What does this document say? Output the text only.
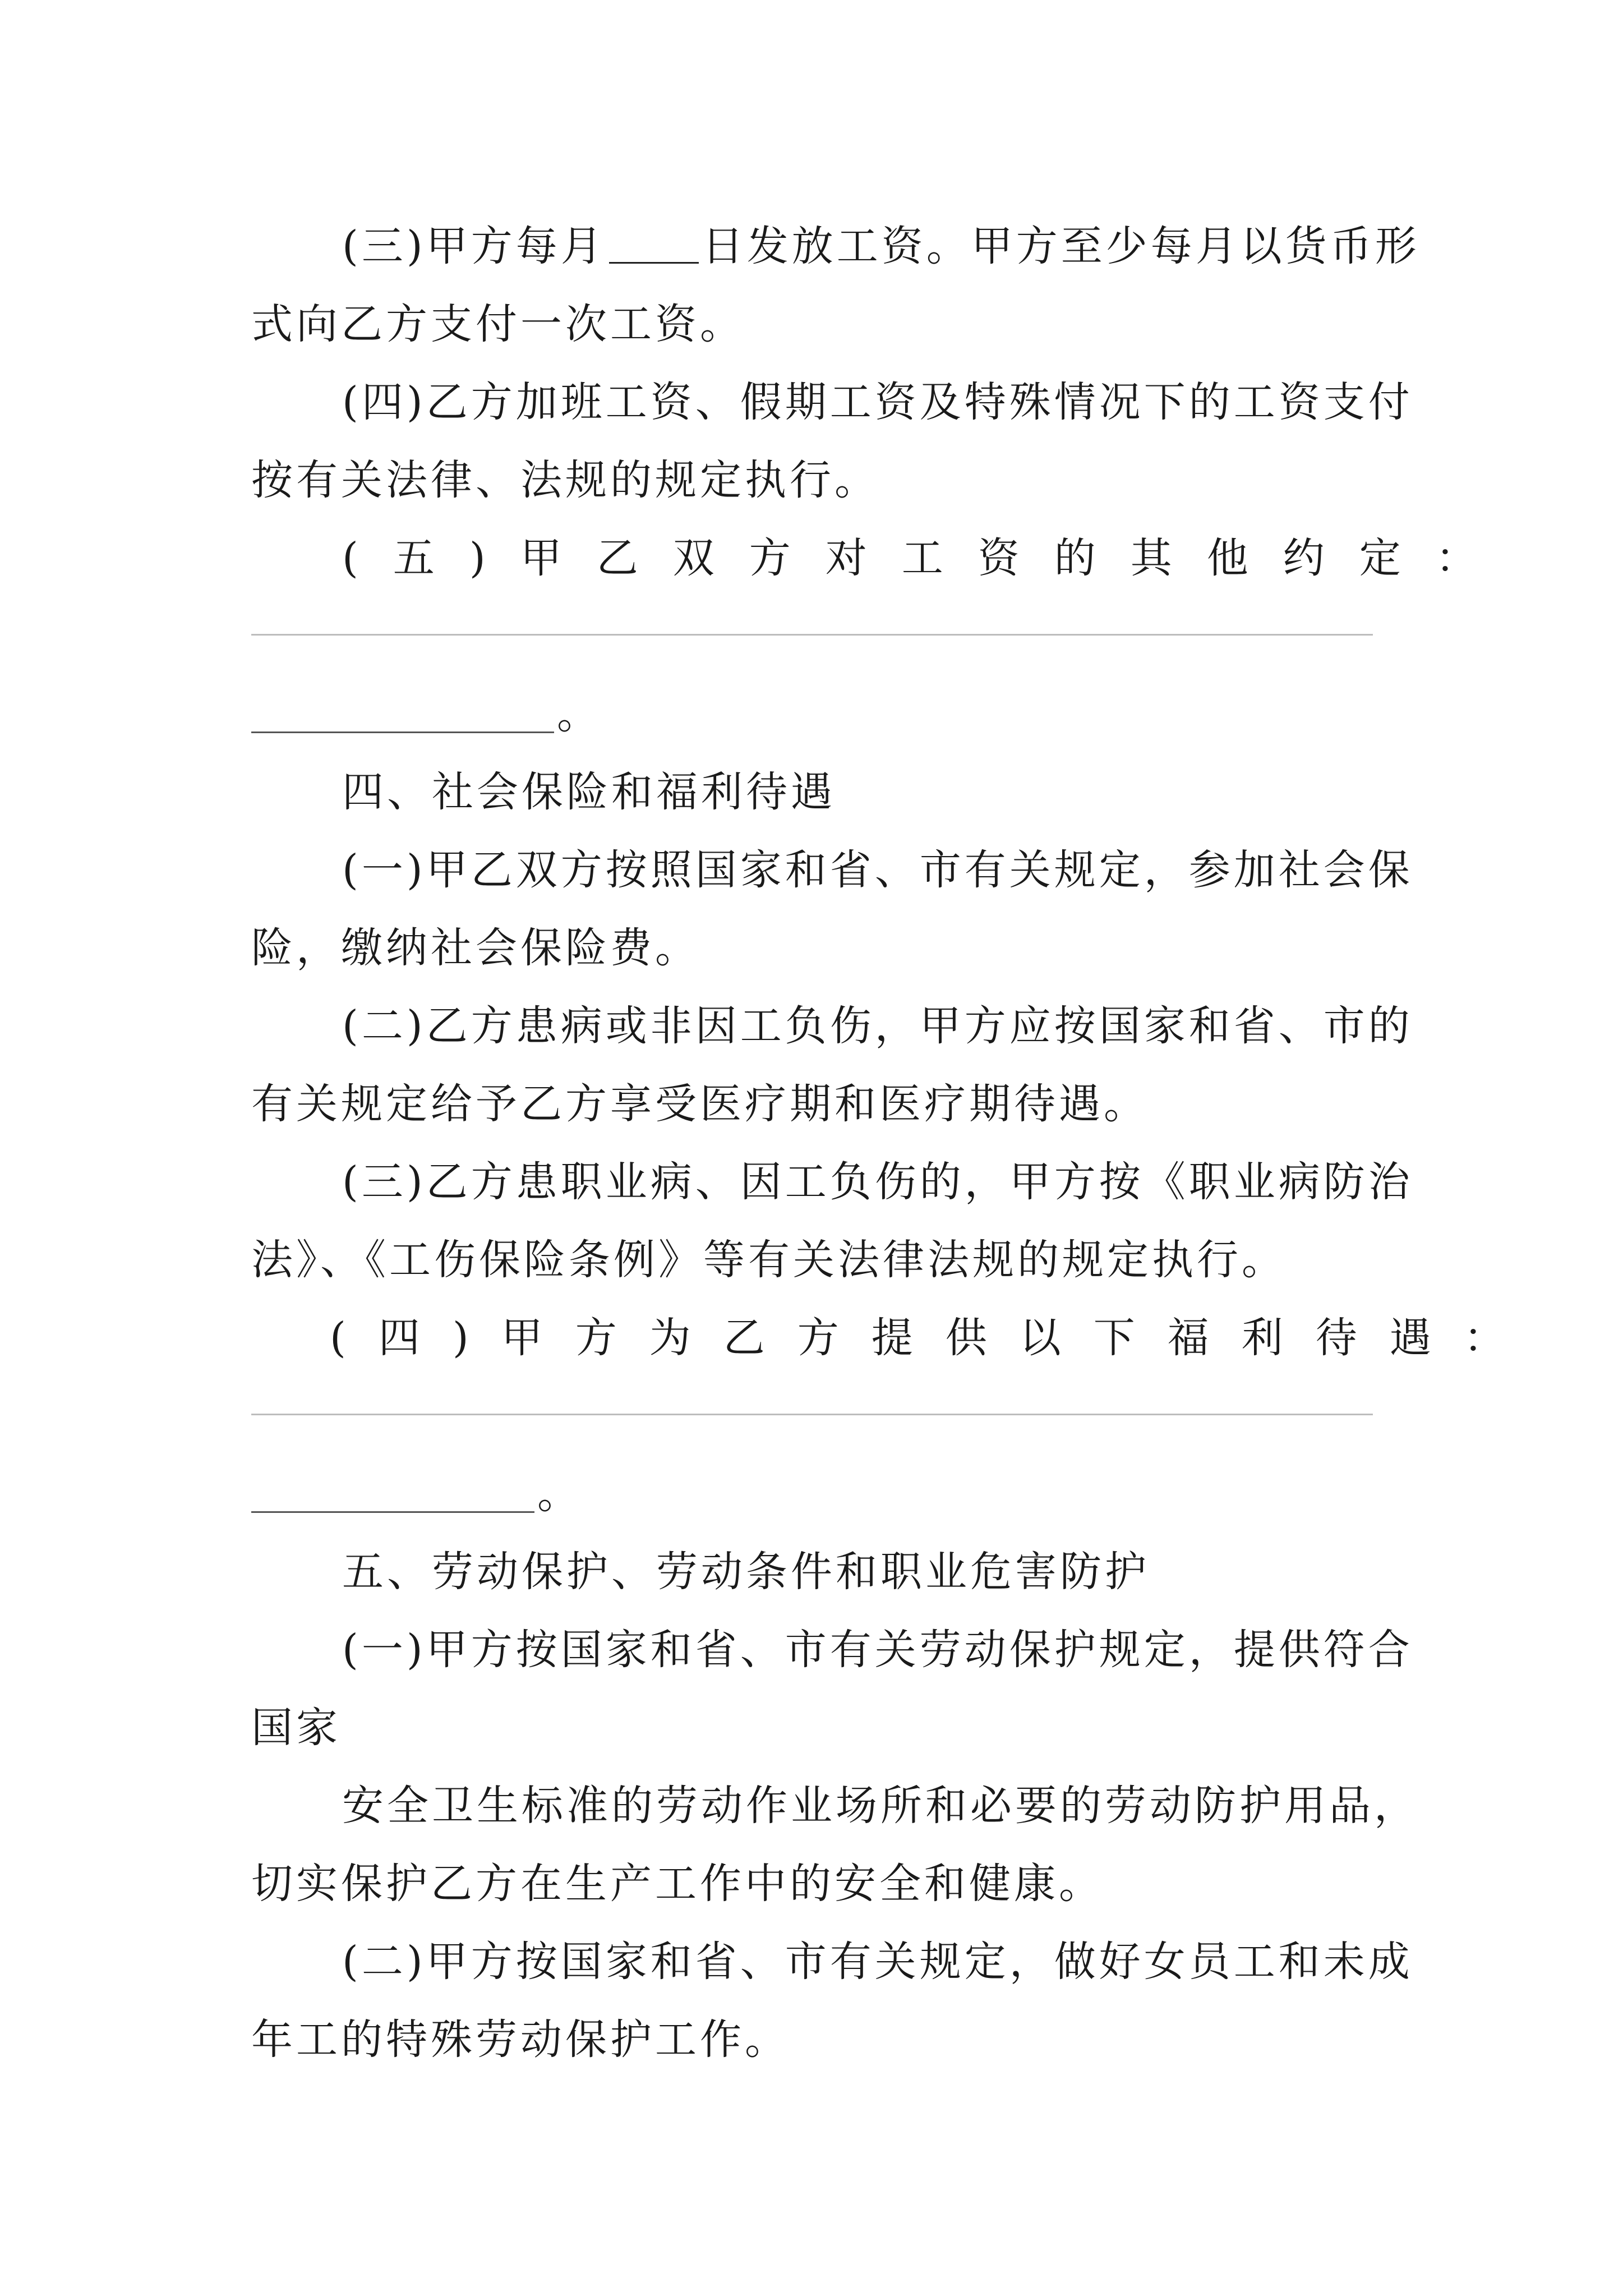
(三)甲方每月 日发放工资。甲方至少每月以货币形
式向乙方支付一次工资。
(四)乙方加班工资、假期工资及特殊情况下的工资支付
按有关法律、法规的规定执行。
(五)甲乙双方对工资的其他约定：
。
四、社会保险和福利待遇
(一)甲乙双方按照国家和省、市有关规定，参加社会保
险，缴纳社会保险费。
(二)乙方患病或非因工负伤，甲方应按国家和省、市的
有关规定给予乙方享受医疗期和医疗期待遇。
(三)乙方患职业病、因工负伤的，甲方按《职业病防治
法》、《工伤保险条例》等有关法律法规的规定执行。
(四)甲方为乙方提供以下福利待遇：
。
五、劳动保护、劳动条件和职业危害防护
(一)甲方按国家和省、市有关劳动保护规定，提供符合
国家
安全卫生标准的劳动作业场所和必要的劳动防护用品，
切实保护乙方在生产工作中的安全和健康。
(二)甲方按国家和省、市有关规定，做好女员工和未成
年工的特殊劳动保护工作。
